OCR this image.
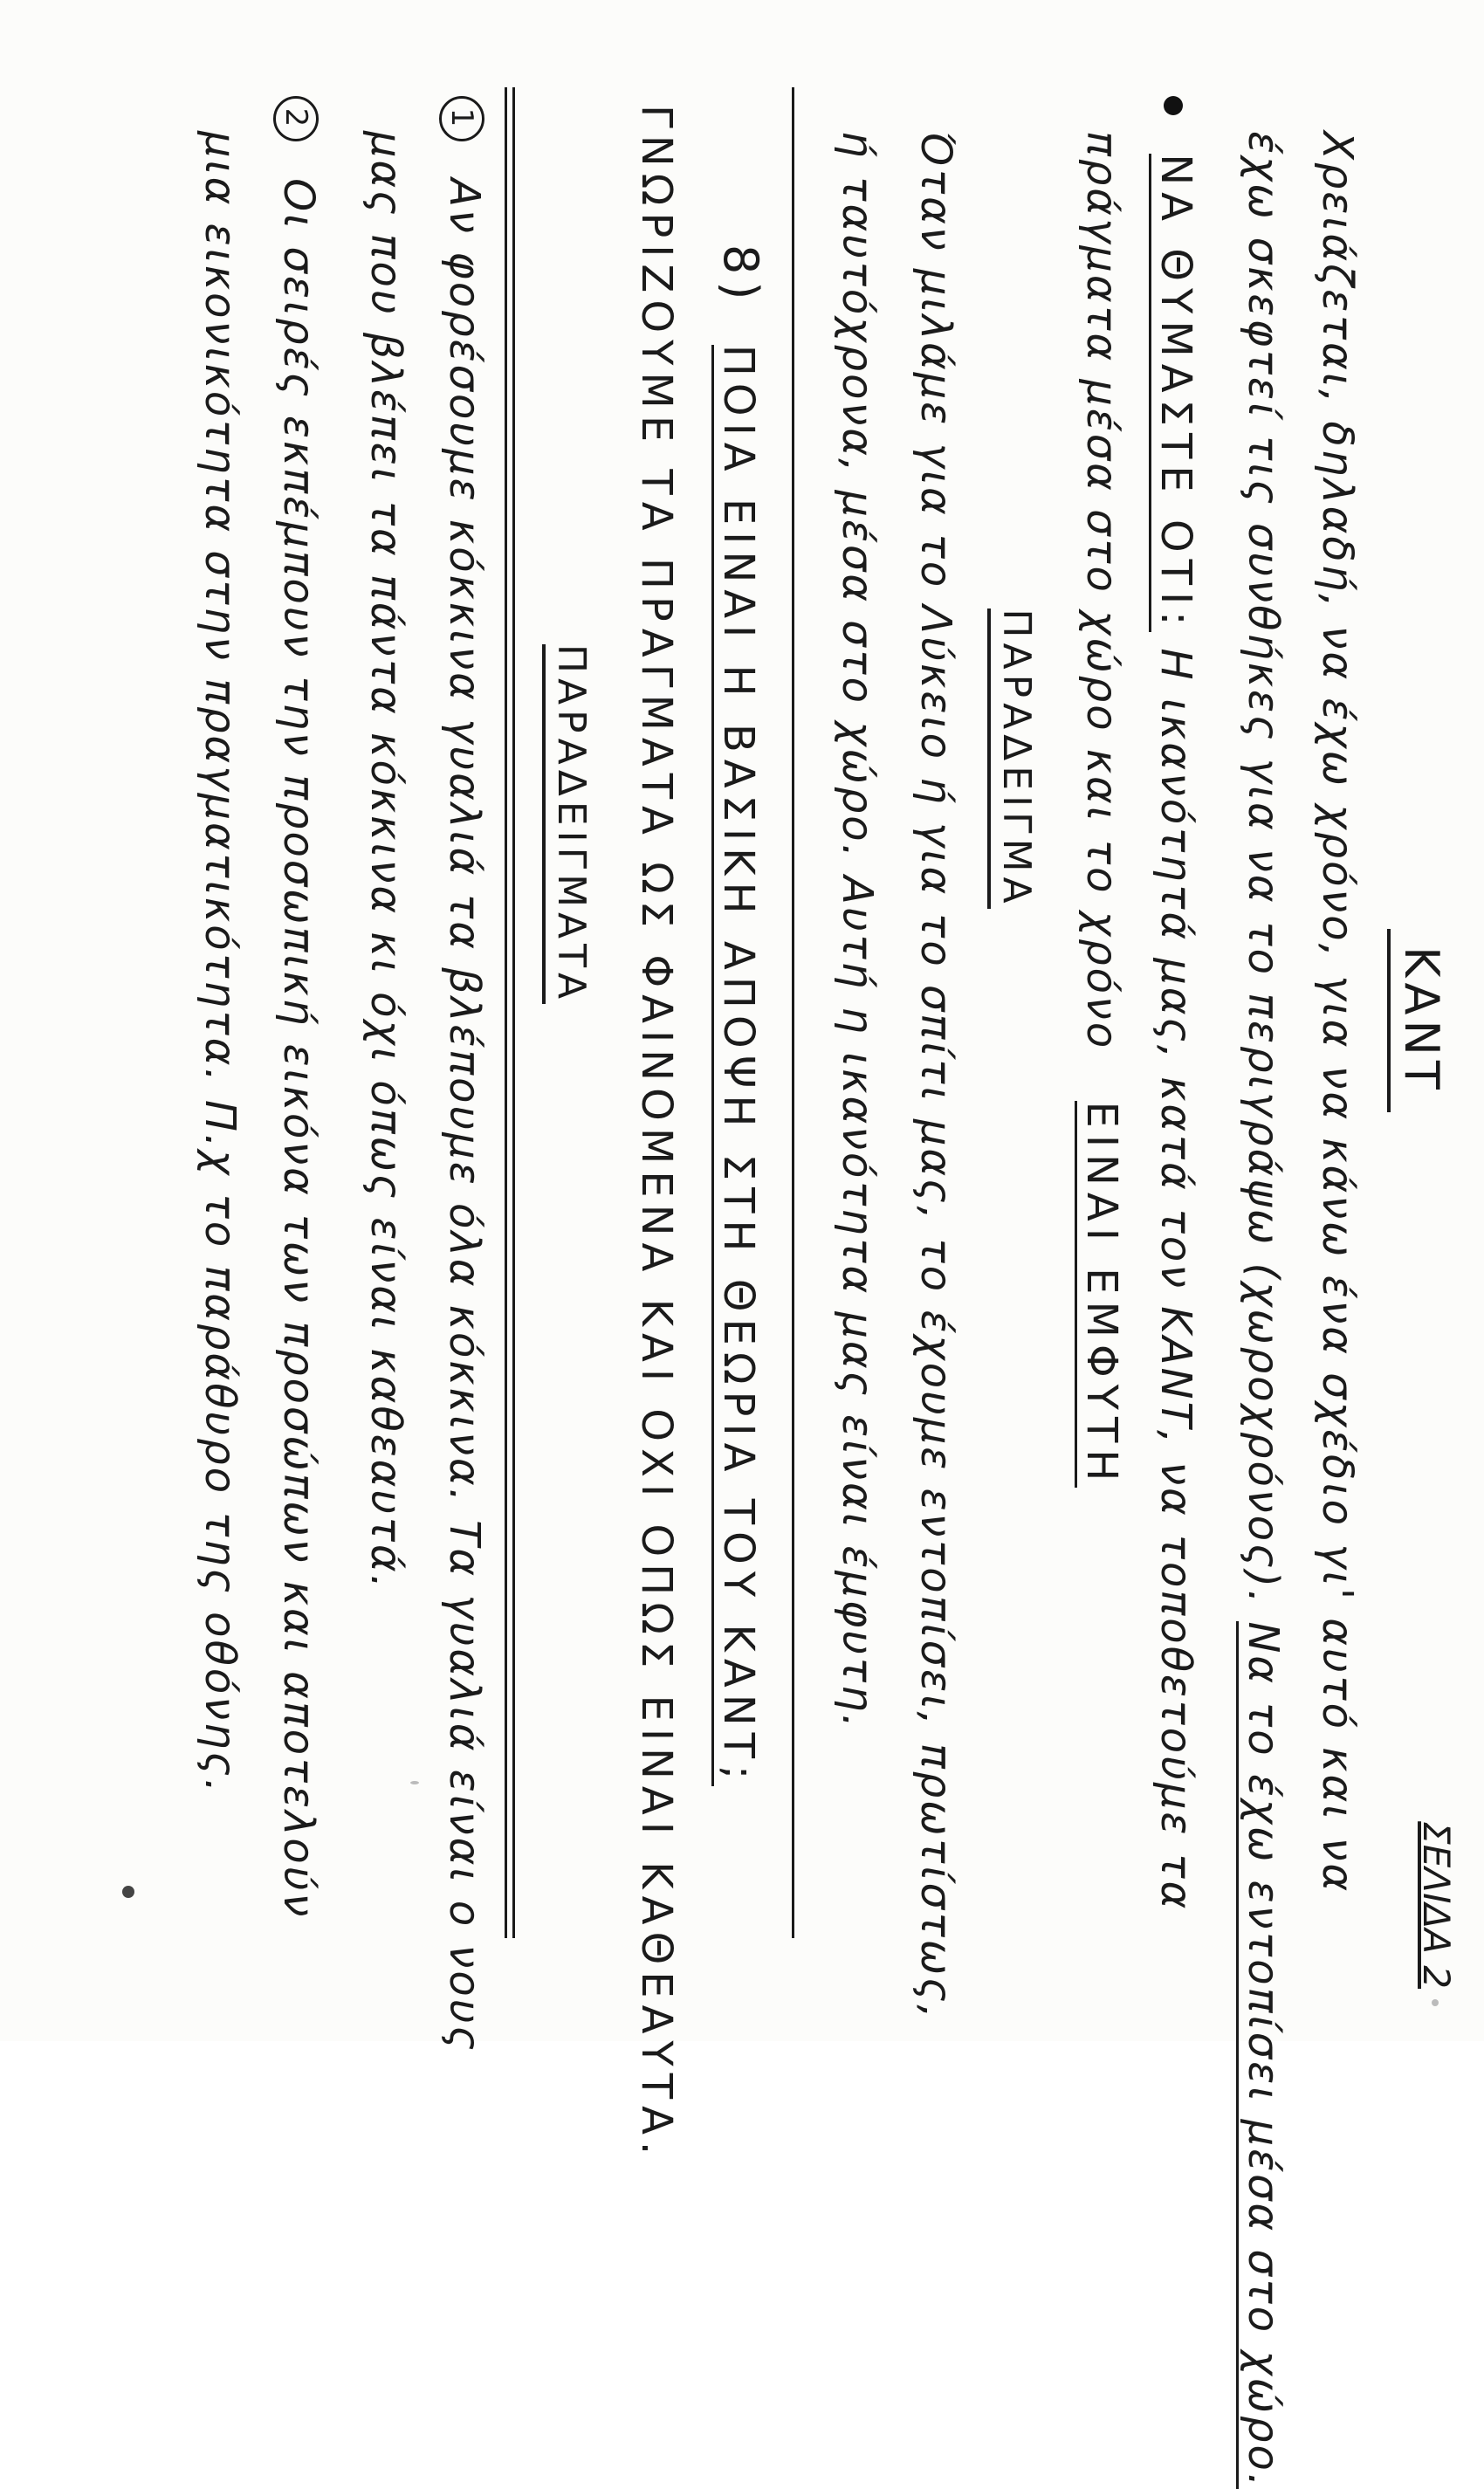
ΣΕΛΙΔΑ 2
ΚΑΝΤ
Χρειάζεται, δηλαδή, να έχω χρόνο, για να κάνω ένα σχέδιο γι' αυτό και να
έχω σκεφτεί τις συνθήκες για να το περιγράψω (χωροχρόνος). Να το έχω εντοπίσει μέσα στο χώρο.
ΝΑ ΘΥΜΑΣΤΕ ΟΤΙ: Η ικανότητά μας, κατά τον ΚΑΝΤ, να τοποθετούμε τα
πράγματα μέσα στο χώρο και το χρόνο ΕΙΝΑΙ ΕΜΦΥΤΗ
ΠΑΡΑΔΕΙΓΜΑ
Όταν μιλάμε για το Λύκειο ή για το σπίτι μας, το έχουμε εντοπίσει, πρωτίστως,
ή ταυτόχρονα, μέσα στο χώρο. Αυτή η ικανότητα μας είναι έμφυτη.
8) ΠΟΙΑ ΕΙΝΑΙ Η ΒΑΣΙΚΗ ΑΠΟΨΗ ΣΤΗ ΘΕΩΡΙΑ ΤΟΥ ΚΑΝΤ;
ΓΝΩΡΙΖΟΥΜΕ ΤΑ ΠΡΑΓΜΑΤΑ ΩΣ ΦΑΙΝΟΜΕΝΑ ΚΑΙ ΟΧΙ ΟΠΩΣ ΕΙΝΑΙ ΚΑΘΕΑΥΤΑ.
ΠΑΡΑΔΕΙΓΜΑΤΑ
1 Αν φορέσουμε κόκκινα γυαλιά τα βλέπουμε όλα κόκκινα. Τα γυαλιά είναι ο νους
μας που βλέπει τα πάντα κόκκινα κι όχι όπως είναι καθεαυτά.
2 Οι σειρές εκπέμπουν την προσωπική εικόνα των προσώπων και αποτελούν
μια εικονικότητα στην πραγματικότητα. Π.χ το παράθυρο της οθόνης.
